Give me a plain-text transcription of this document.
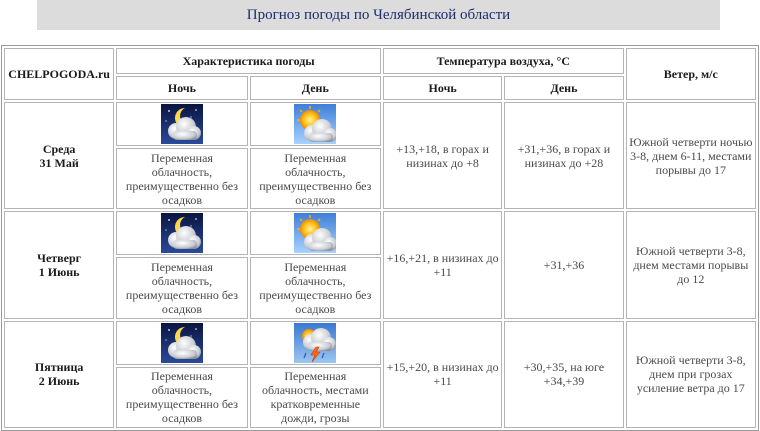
Прогноз погоды по Челябинской области
CHELPOGODA.ru	Характеристика погоды		Температура воздуха, °С		Ветер, м/с
	Ночь	День	Ночь	День	

Среда
31 Май			+13,+18, в горах и низинах до +8	+31,+36, в горах и низинах до +28	Южной четверти ночью 3-8, днем 6-11, местами порывы до 17
	Переменная облачность, преимущественно без осадков	Переменная облачность, преимущественно без осадков			

Четверг
1 Июнь			+16,+21, в низинах до +11	+31,+36	Южной четверти 3-8, днем местами порывы до 12
	Переменная облачность, преимущественно без осадков	Переменная облачность, преимущественно без осадков			

Пятница
2 Июнь			+15,+20, в низинах до +11	+30,+35, на юге +34,+39	Южной четверти 3-8, днем при грозах усиление ветра до 17
	Переменная облачность, преимущественно без осадков	Переменная облачность, местами кратковременные дожди, грозы			
